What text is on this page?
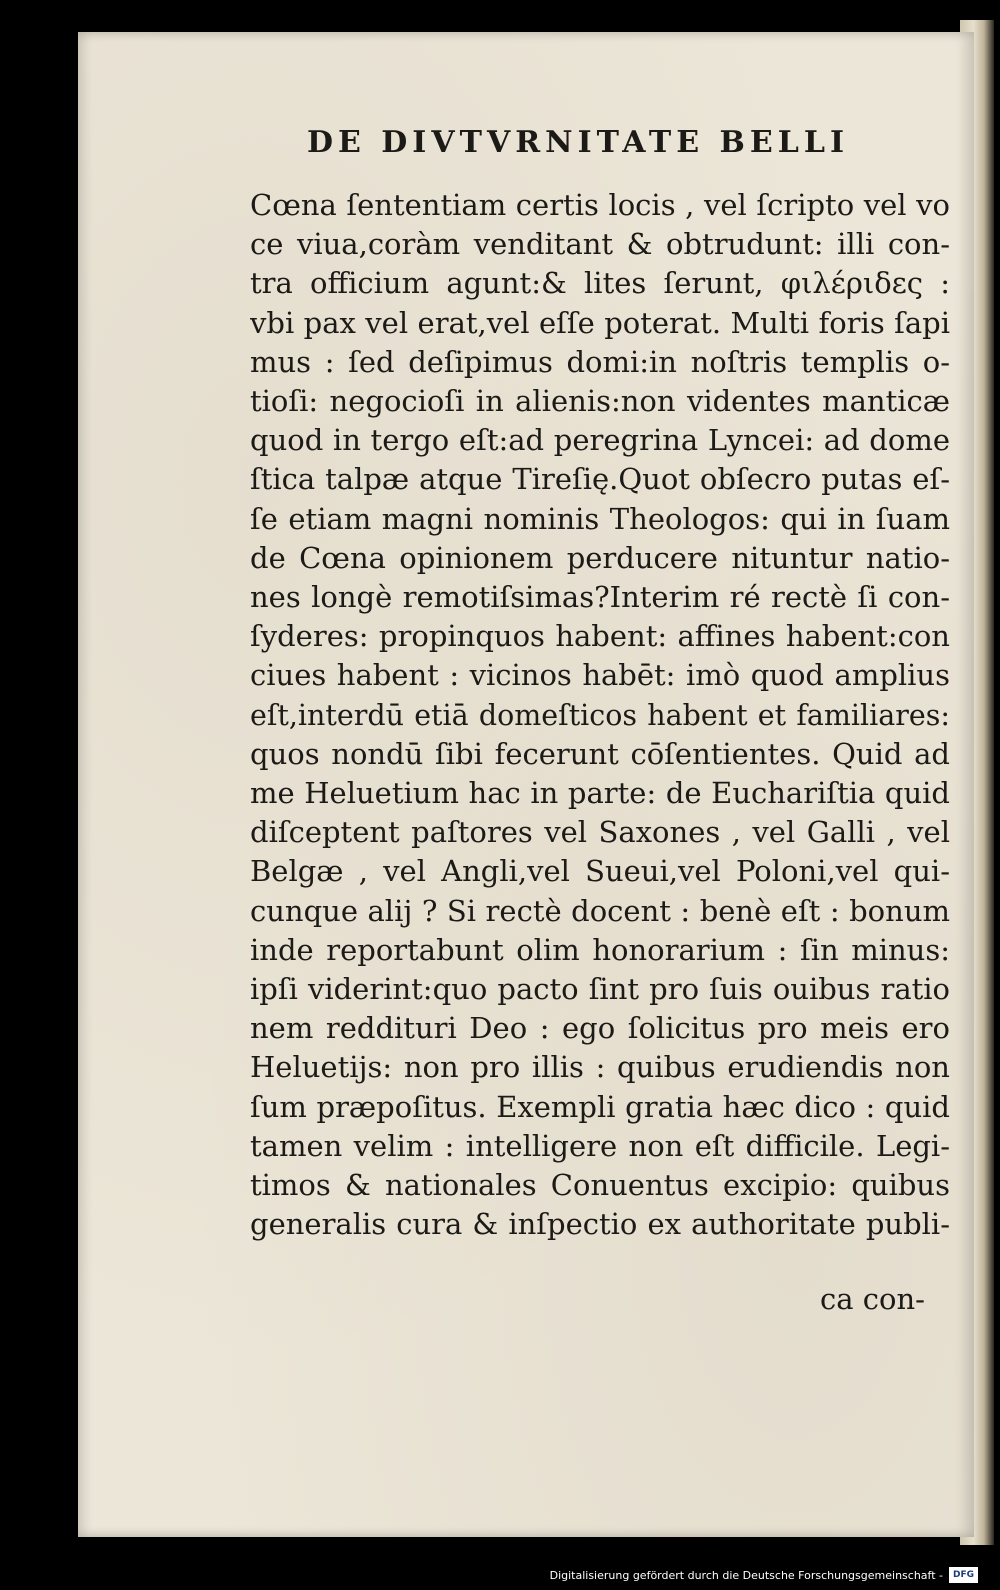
DE DIVTVRNITATE BELLI
Cœna ſententiam certis locis , vel ſcripto vel vo
ce viua,coràm venditant & obtrudunt: illi con-
tra officium agunt:& lites ſerunt, φιλέριδες :
vbi pax vel erat,vel eſſe poterat. Multi foris ſapi
mus : ſed deſipimus domi:in noſtris templis o-
tioſi: negocioſi in alienis:non videntes manticæ
quod in tergo eſt:ad peregrina Lyncei: ad dome
ſtica talpæ atque Tireſię.Quot obſecro putas eſ-
ſe etiam magni nominis Theologos: qui in ſuam
de Cœna opinionem perducere nituntur natio-
nes longè remotiſsimas?Interim ré rectè ſi con-
ſyderes: propinquos habent: affines habent:con
ciues habent : vicinos habēt: imò quod amplius
eſt,interdū etiā domeſticos habent et familiares:
quos nondū ſibi fecerunt cōſentientes. Quid ad
me Heluetium hac in parte: de Euchariſtia quid
diſceptent paſtores vel Saxones , vel Galli , vel
Belgæ , vel Angli,vel Sueui,vel Poloni,vel qui-
cunque alij ? Si rectè docent : benè eſt : bonum
inde reportabunt olim honorarium : ſin minus:
ipſi viderint:quo pacto ſint pro ſuis ouibus ratio
nem reddituri Deo : ego ſolicitus pro meis ero
Heluetijs: non pro illis : quibus erudiendis non
ſum præpoſitus. Exempli gratia hæc dico : quid
tamen velim : intelligere non eſt difficile. Legi-
timos & nationales Conuentus excipio: quibus
generalis cura & inſpectio ex authoritate publi-
ca con-
Digitalisierung gefördert durch die Deutsche Forschungsgemeinschaft -	DFG
